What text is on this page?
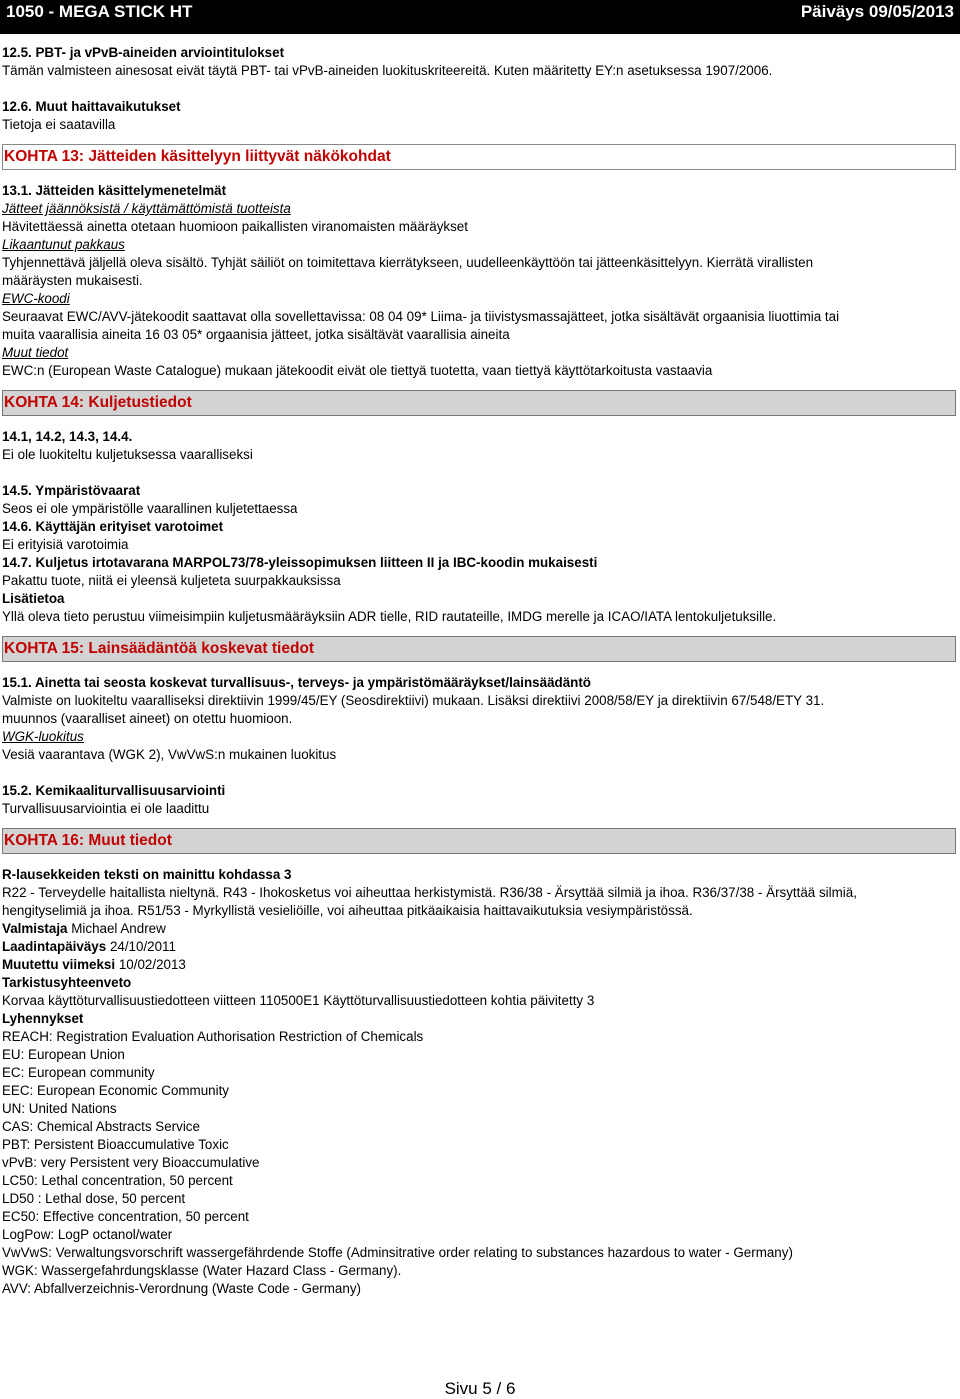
1050 - MEGA STICK HT	Päiväys 09/05/2013
12.5. PBT- ja vPvB-aineiden arviointitulokset
Tämän valmisteen ainesosat eivät täytä PBT- tai vPvB-aineiden luokituskriteereitä. Kuten määritetty EY:n asetuksessa 1907/2006.
12.6. Muut haittavaikutukset
Tietoja ei saatavilla
KOHTA 13: Jätteiden käsittelyyn liittyvät näkökohdat
13.1. Jätteiden käsittelymenetelmät
Jätteet jäännöksistä / käyttämättömistä tuotteista
Hävitettäessä ainetta otetaan huomioon paikallisten viranomaisten määräykset
Likaantunut pakkaus
Tyhjennettävä jäljellä oleva sisältö. Tyhjät säiliöt on toimitettava kierrätykseen, uudelleenkäyttöön tai jätteenkäsittelyyn. Kierrätä virallisten
määräysten mukaisesti.
EWC-koodi
Seuraavat EWC/AVV-jätekoodit saattavat olla sovellettavissa: 08 04 09* Liima- ja tiivistysmassajätteet, jotka sisältävät orgaanisia liuottimia tai
muita vaarallisia aineita 16 03 05* orgaanisia jätteet, jotka sisältävät vaarallisia aineita
Muut tiedot
EWC:n (European Waste Catalogue) mukaan jätekoodit eivät ole tiettyä tuotetta, vaan tiettyä käyttötarkoitusta vastaavia
KOHTA 14: Kuljetustiedot
14.1, 14.2, 14.3, 14.4.
Ei ole luokiteltu kuljetuksessa vaaralliseksi
14.5. Ympäristövaarat
Seos ei ole ympäristölle vaarallinen kuljetettaessa
14.6. Käyttäjän erityiset varotoimet
Ei erityisiä varotoimia
14.7. Kuljetus irtotavarana MARPOL73/78-yleissopimuksen liitteen II ja IBC-koodin mukaisesti
Pakattu tuote, niitä ei yleensä kuljeteta suurpakkauksissa
Lisätietoa
Yllä oleva tieto perustuu viimeisimpiin kuljetusmääräyksiin ADR tielle, RID rautateille, IMDG merelle ja ICAO/IATA lentokuljetuksille.
KOHTA 15: Lainsäädäntöä koskevat tiedot
15.1. Ainetta tai seosta koskevat turvallisuus-, terveys- ja ympäristömääräykset/lainsäädäntö
Valmiste on luokiteltu vaaralliseksi direktiivin 1999/45/EY (Seosdirektiivi) mukaan. Lisäksi direktiivi 2008/58/EY ja direktiivin 67/548/ETY 31.
muunnos (vaaralliset aineet) on otettu huomioon.
WGK-luokitus
Vesiä vaarantava (WGK 2), VwVwS:n mukainen luokitus
15.2. Kemikaaliturvallisuusarviointi
Turvallisuusarviointia ei ole laadittu
KOHTA 16: Muut tiedot
R-lausekkeiden teksti on mainittu kohdassa 3
R22 - Terveydelle haitallista nieltynä. R43 - Ihokosketus voi aiheuttaa herkistymistä. R36/38 - Ärsyttää silmiä ja ihoa. R36/37/38 - Ärsyttää silmiä,
hengityselimiä ja ihoa. R51/53 - Myrkyllistä vesieliöille, voi aiheuttaa pitkäaikaisia haittavaikutuksia vesiympäristössä.
Valmistaja Michael Andrew
Laadintapäiväys 24/10/2011
Muutettu viimeksi 10/02/2013
Tarkistusyhteenveto
Korvaa käyttöturvallisuustiedotteen viitteen 110500E1 Käyttöturvallisuustiedotteen kohtia päivitetty 3
Lyhennykset
REACH: Registration Evaluation Authorisation Restriction of Chemicals
EU: European Union
EC: European community
EEC: European Economic Community
UN: United Nations
CAS: Chemical Abstracts Service
PBT: Persistent Bioaccumulative Toxic
vPvB: very Persistent very Bioaccumulative
LC50: Lethal concentration, 50 percent
LD50 : Lethal dose, 50 percent
EC50: Effective concentration, 50 percent
LogPow: LogP octanol/water
VwVwS: Verwaltungsvorschrift wassergefährdende Stoffe (Adminsitrative order relating to substances hazardous to water - Germany)
WGK: Wassergefahrdungsklasse (Water Hazard Class - Germany).
AVV: Abfallverzeichnis-Verordnung (Waste Code - Germany)
Sivu 5 / 6
